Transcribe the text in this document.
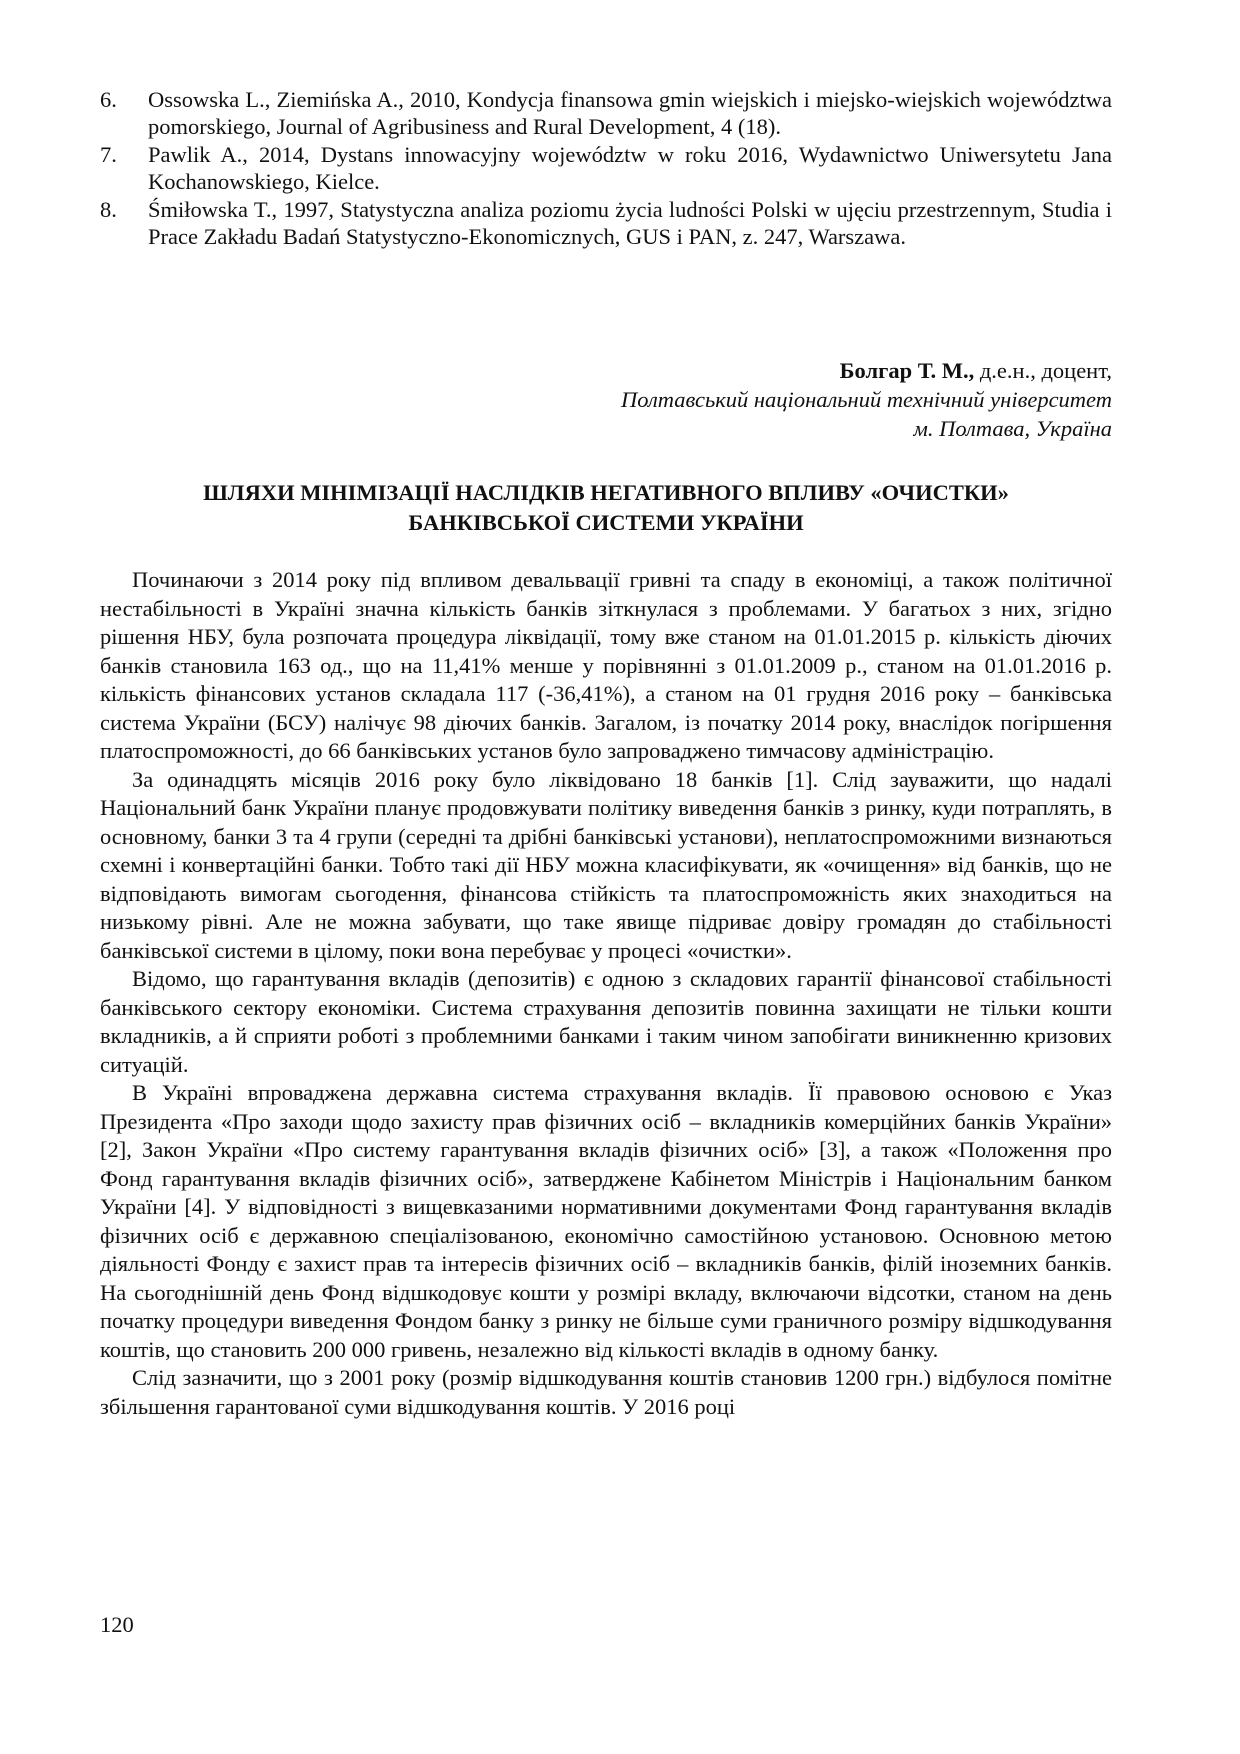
6.	Ossowska L., Ziemińska A., 2010, Kondycja finansowa gmin wiejskich i miejsko-wiejskich województwa pomorskiego, Journal of Agribusiness and Rural Development, 4 (18).
7.	Pawlik A., 2014, Dystans innowacyjny województw w roku 2016, Wydawnictwo Uniwersytetu Jana Kochanowskiego, Kielce.
8.	Śmiłowska T., 1997, Statystyczna analiza poziomu życia ludności Polski w ujęciu przestrzennym, Studia i Prace Zakładu Badań Statystyczno-Ekonomicznych, GUS i PAN, z. 247, Warszawa.
Болгар Т. М., д.е.н., доцент,
Полтавський національний технічний університет
м. Полтава, Україна
ШЛЯХИ МІНІМІЗАЦІЇ НАСЛІДКІВ НЕГАТИВНОГО ВПЛИВУ «ОЧИСТКИ»
БАНКІВСЬКОЇ СИСТЕМИ УКРАЇНИ

Починаючи з 2014 року під впливом девальвації гривні та спаду в економіці, а також політичної нестабільності в Україні значна кількість банків зіткнулася з проблемами. У багатьох з них, згідно рішення НБУ, була розпочата процедура ліквідації, тому вже станом на 01.01.2015 р. кількість діючих банків становила 163 од., що на 11,41% менше у порівнянні з 01.01.2009 р., станом на 01.01.2016 р. кількість фінансових установ складала 117 (-36,41%), а станом на 01 грудня 2016 року – банківська система України (БСУ) налічує 98 діючих банків. Загалом, із початку 2014 року, внаслідок погіршення платоспроможності, до 66 банківських установ було запроваджено тимчасову адміністрацію.

За одинадцять місяців 2016 року було ліквідовано 18 банків [1]. Слід зауважити, що надалі Національний банк України планує продовжувати політику виведення банків з ринку, куди потраплять, в основному, банки 3 та 4 групи (середні та дрібні банківські установи), неплатоспроможними визнаються схемні і конвертаційні банки. Тобто такі дії НБУ можна класифікувати, як «очищення» від банків, що не відповідають вимогам сьогодення, фінансова стійкість та платоспроможність яких знаходиться на низькому рівні. Але не можна забувати, що таке явище підриває довіру громадян до стабільності банківської системи в цілому, поки вона перебуває у процесі «очистки».

Відомо, що гарантування вкладів (депозитів) є одною з складових гарантії фінансової стабільності банківського сектору економіки. Система страхування депозитів повинна захищати не тільки кошти вкладників, а й сприяти роботі з проблемними банками і таким чином запобігати виникненню кризових ситуацій.

В Україні впроваджена державна система страхування вкладів. Її правовою основою є Указ Президента «Про заходи щодо захисту прав фізичних осіб – вкладників комерційних банків України» [2], Закон України «Про систему гарантування вкладів фізичних осіб» [3], а також «Положення про Фонд гарантування вкладів фізичних осіб», затверджене Кабінетом Міністрів і Національним банком України [4]. У відповідності з вищевказаними нормативними документами Фонд гарантування вкладів фізичних осіб є державною спеціалізованою, економічно самостійною установою. Основною метою діяльності Фонду є захист прав та інтересів фізичних осіб – вкладників банків, філій іноземних банків. На сьогоднішній день Фонд відшкодовує кошти у розмірі вкладу, включаючи відсотки, станом на день початку процедури виведення Фондом банку з ринку не більше суми граничного розміру відшкодування коштів, що становить 200 000 гривень, незалежно від кількості вкладів в одному банку.

Слід зазначити, що з 2001 року (розмір відшкодування коштів становив 1200 грн.) відбулося помітне збільшення гарантованої суми відшкодування коштів. У 2016 році

120
